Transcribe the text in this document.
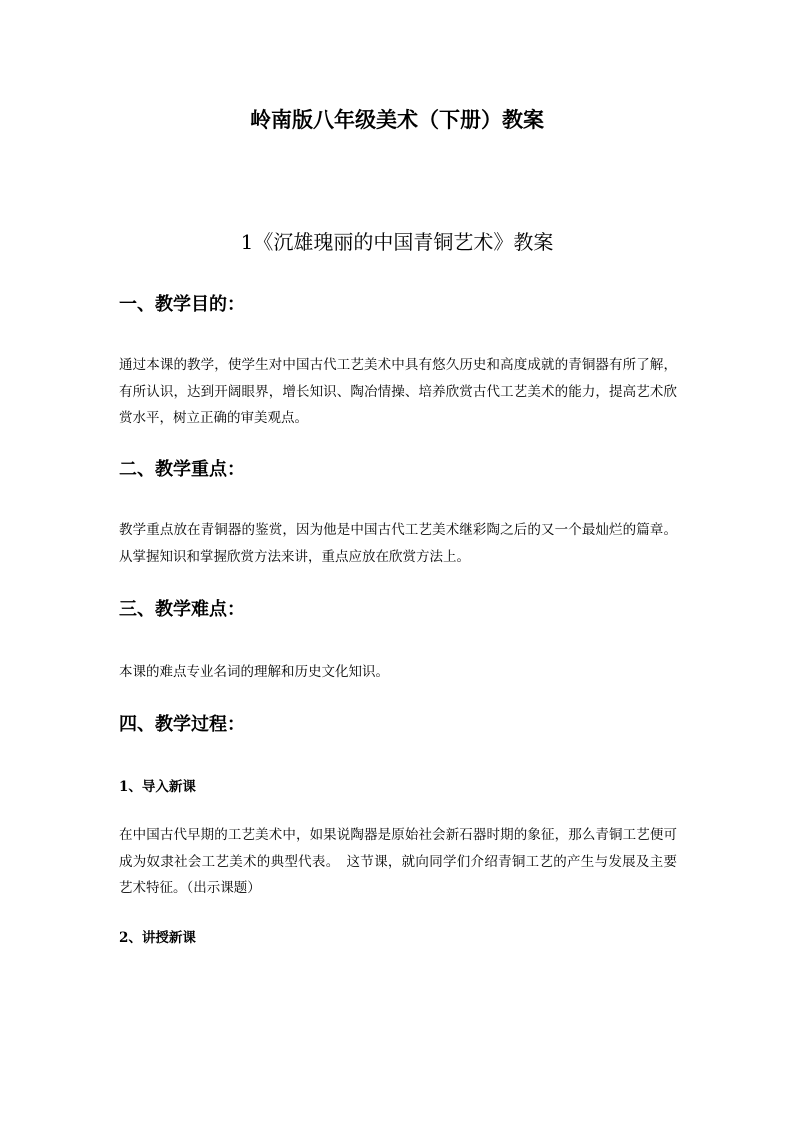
岭南版八年级美术（下册）教案
1《沉雄瑰丽的中国青铜艺术》教案
一、教学目的：
通过本课的教学，使学生对中国古代工艺美术中具有悠久历史和高度成就的青铜器有所了解，有所认识，达到开阔眼界，增长知识、陶冶情操、培养欣赏古代工艺美术的能力，提高艺术欣赏水平，树立正确的审美观点。
二、教学重点：
教学重点放在青铜器的鉴赏，因为他是中国古代工艺美术继彩陶之后的又一个最灿烂的篇章。从掌握知识和掌握欣赏方法来讲，重点应放在欣赏方法上。
三、教学难点：
本课的难点专业名词的理解和历史文化知识。
四、教学过程：
1、导入新课
在中国古代早期的工艺美术中，如果说陶器是原始社会新石器时期的象征，那么青铜工艺便可成为奴隶社会工艺美术的典型代表。　这节课，就向同学们介绍青铜工艺的产生与发展及主要艺术特征。（出示课题）
2、讲授新课
